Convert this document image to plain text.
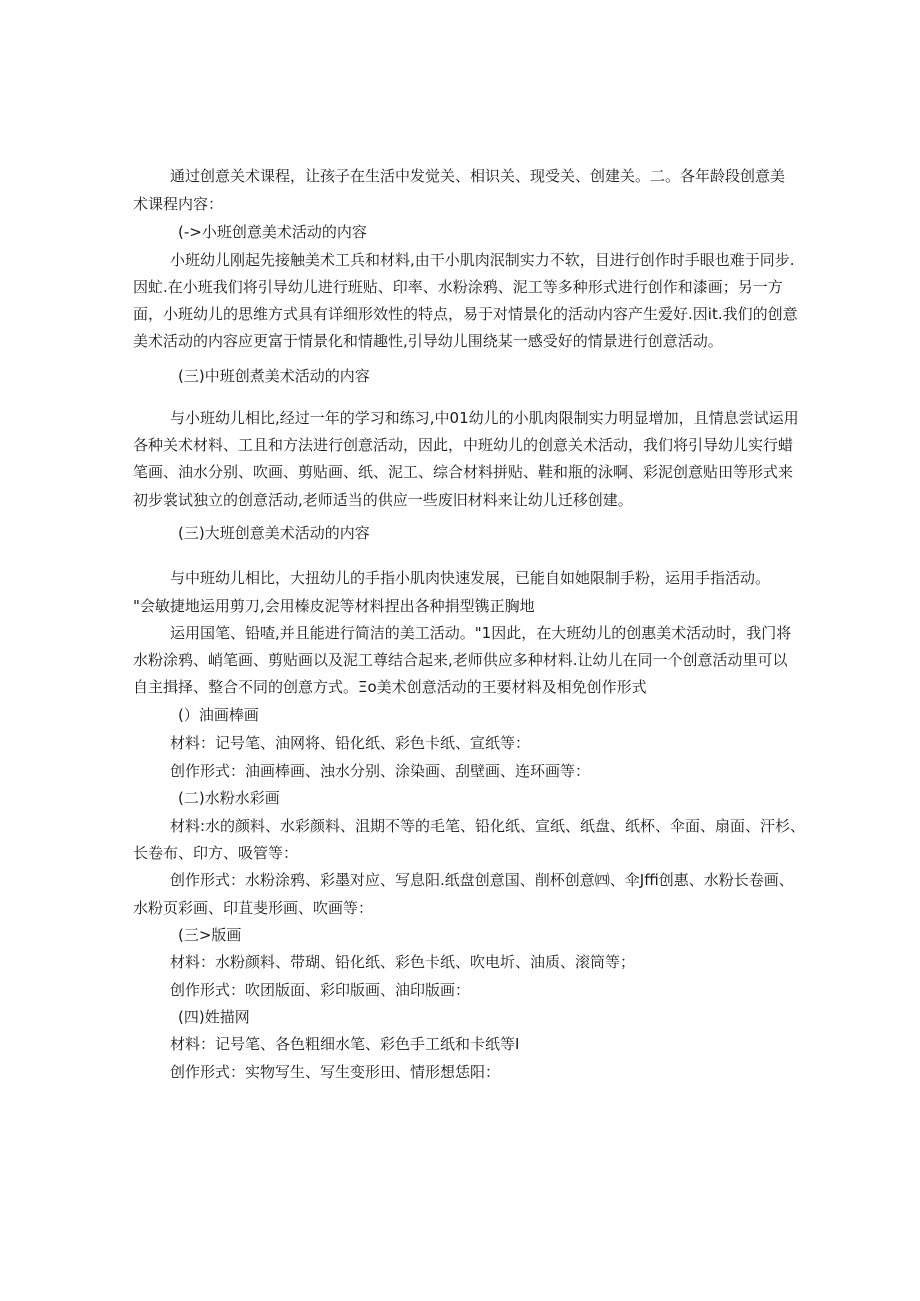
通过创意关术课程，让孩子在生活中发觉关、相识关、现受关、创建关。二。各年龄段创意美
术课程内容：
(->小班创意美术活动的内容
小班幼儿刚起先接触美术工兵和材料,由干小肌肉泯制实力不软，目进行创作时手眼也难于同步.
因虻.在小班我们将引导幼儿进行班贴、印率、水粉涂鸦、泥工等多种形式进行创作和漆画；另一方
面，小班幼儿的思维方式具有详细形效性的特点，易于对情景化的活动内容产生爱好.因it.我们的创意
美术活动的内容应更富于情景化和情趣性,引导幼儿围绕某一感受好的情景进行创意活动。
(三)中班创煮美术活动的内容
与小班幼儿相比,经过一年的学习和练习,中01幼儿的小肌肉限制实力明显增加，且情息尝试运用
各种关术材料、工且和方法进行创意活动，因此，中班幼儿的创意关术活动，我们将引导幼儿实行蜡
笔画、油水分别、吹画、剪贴画、纸、泥工、综合材料拼贴、鞋和瓶的泳啊、彩泥创意贴田等形式来
初步裳试独立的创意活动,老师适当的供应一些废旧材料来让幼儿迁移创建。
(三)大班创意美术活动的内容
与中班幼儿相比，大扭幼儿的手指小肌肉快速发展，已能自如她限制手粉，运用手指活动。
"会敏捷地运用剪刀,会用榛皮泥等材料捏出各种捐型镌正胸地
运用国笔、铅喳,并且能进行简洁的美工活动。"1因此，在大班幼儿的创惠美术活动时，我门将
水粉涂鸦、峭笔画、剪贴画以及泥工尊结合起来,老师供应多种材料.让幼儿在同一个创意活动里可以
自主揖择、整合不同的创意方式。Ξo美术创意活动的王要材料及相免创作形式
(）油画棒画
材料：记号笔、油网将、铅化纸、彩色卡纸、宣纸等：
创作形式：油画棒画、浊水分别、涂染画、刮壁画、连环画等：
(二)水粉水彩画
材料:水的颜料、水彩颜料、沮期不等的毛笔、铅化纸、宣纸、纸盘、纸杯、伞面、扇面、汗杉、
长卷布、印方、吸管等：
创作形式：水粉涂鸦、彩墨对应、写息阳.纸盘创意国、削杯创意㈣、伞Jffi创惠、水粉长卷画、
水粉页彩画、印苴斐形画、吹画等：
(三>版画
材料：水粉颜料、带瑚、铅化纸、彩色卡纸、吹电圻、油质、滚筒等；
创作形式：吹团版面、彩印版画、油印版画：
(四)姓描网
材料：记号笔、各色粗细水笔、彩色手工纸和卡纸等I
创作形式：实物写生、写生变形田、情形想恁阳：
